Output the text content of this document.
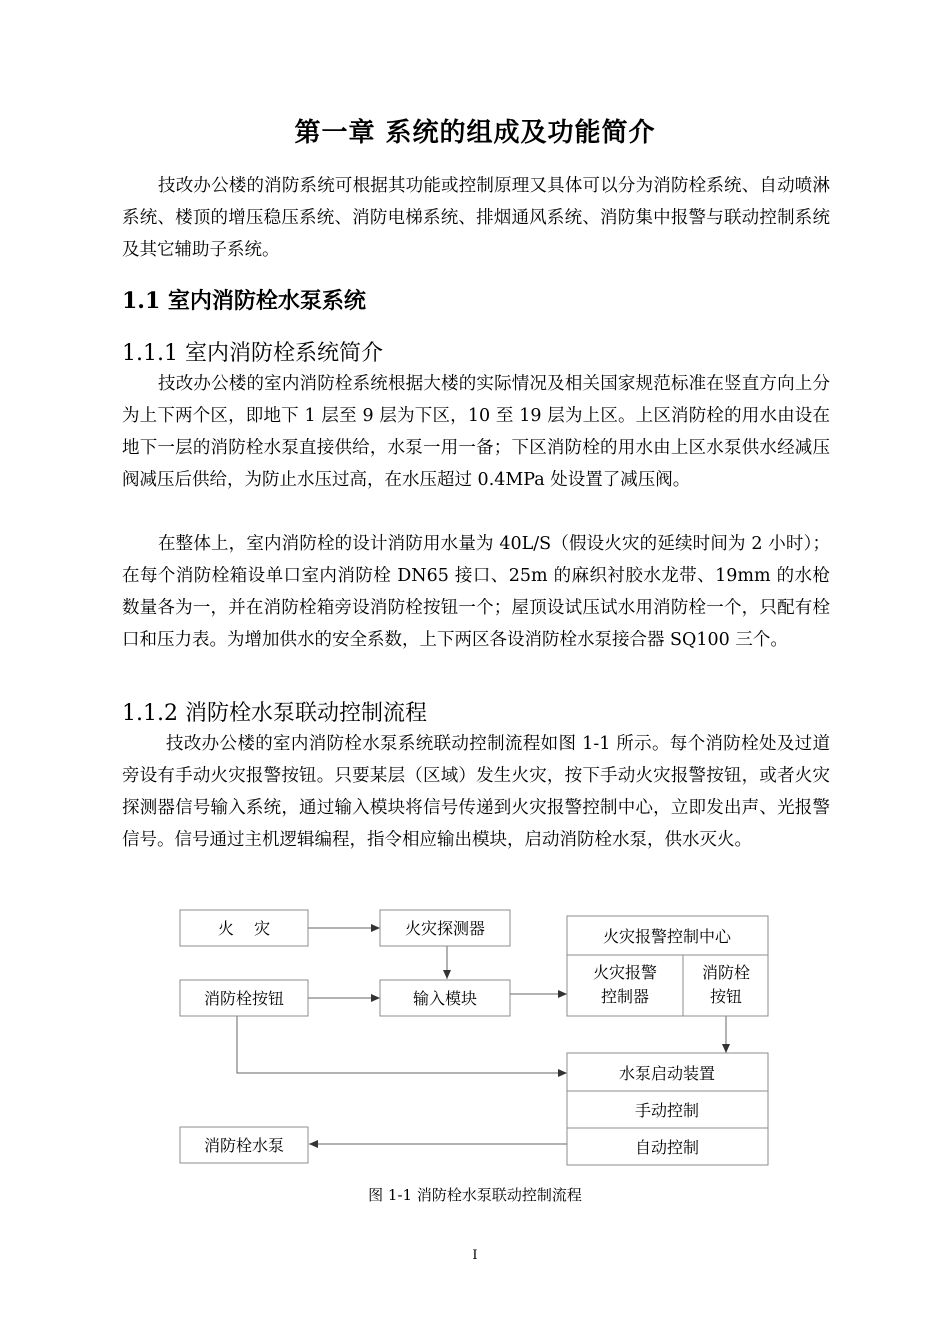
第一章 系统的组成及功能简介

技改办公楼的消防系统可根据其功能或控制原理又具体可以分为消防栓系统、自动喷淋系统、楼顶的增压稳压系统、消防电梯系统、排烟通风系统、消防集中报警与联动控制系统及其它辅助子系统。

1.1 室内消防栓水泵系统
1.1.1 室内消防栓系统简介

技改办公楼的室内消防栓系统根据大楼的实际情况及相关国家规范标准在竖直方向上分为上下两个区，即地下 1 层至 9 层为下区，10 至 19 层为上区。上区消防栓的用水由设在地下一层的消防栓水泵直接供给，水泵一用一备；下区消防栓的用水由上区水泵供水经减压阀减压后供给，为防止水压过高，在水压超过 0.4MPa 处设置了减压阀。

在整体上，室内消防栓的设计消防用水量为 40L/S（假设火灾的延续时间为 2 小时）；在每个消防栓箱设单口室内消防栓 DN65 接口、25m 的麻织衬胶水龙带、19mm 的水枪数量各为一，并在消防栓箱旁设消防栓按钮一个；屋顶设试压试水用消防栓一个，只配有栓口和压力表。为增加供水的安全系数，上下两区各设消防栓水泵接合器 SQ100 三个。

1.1.2 消防栓水泵联动控制流程

技改办公楼的室内消防栓水泵系统联动控制流程如图 1-1 所示。每个消防栓处及过道旁设有手动火灾报警按钮。只要某层（区域）发生火灾，按下手动火灾报警按钮，或者火灾探测器信号输入系统，通过输入模块将信号传递到火灾报警控制中心，立即发出声、光报警信号。信号通过主机逻辑编程，指令相应输出模块，启动消防栓水泵，供水灭火。

火    灾	火灾探测器
消防栓按钮	输入模块
火灾报警控制中心
火灾报警
控制器
消防栓
按钮
水泵启动装置
手动控制
自动控制
消防栓水泵

图 1-1 消防栓水泵联动控制流程

I
